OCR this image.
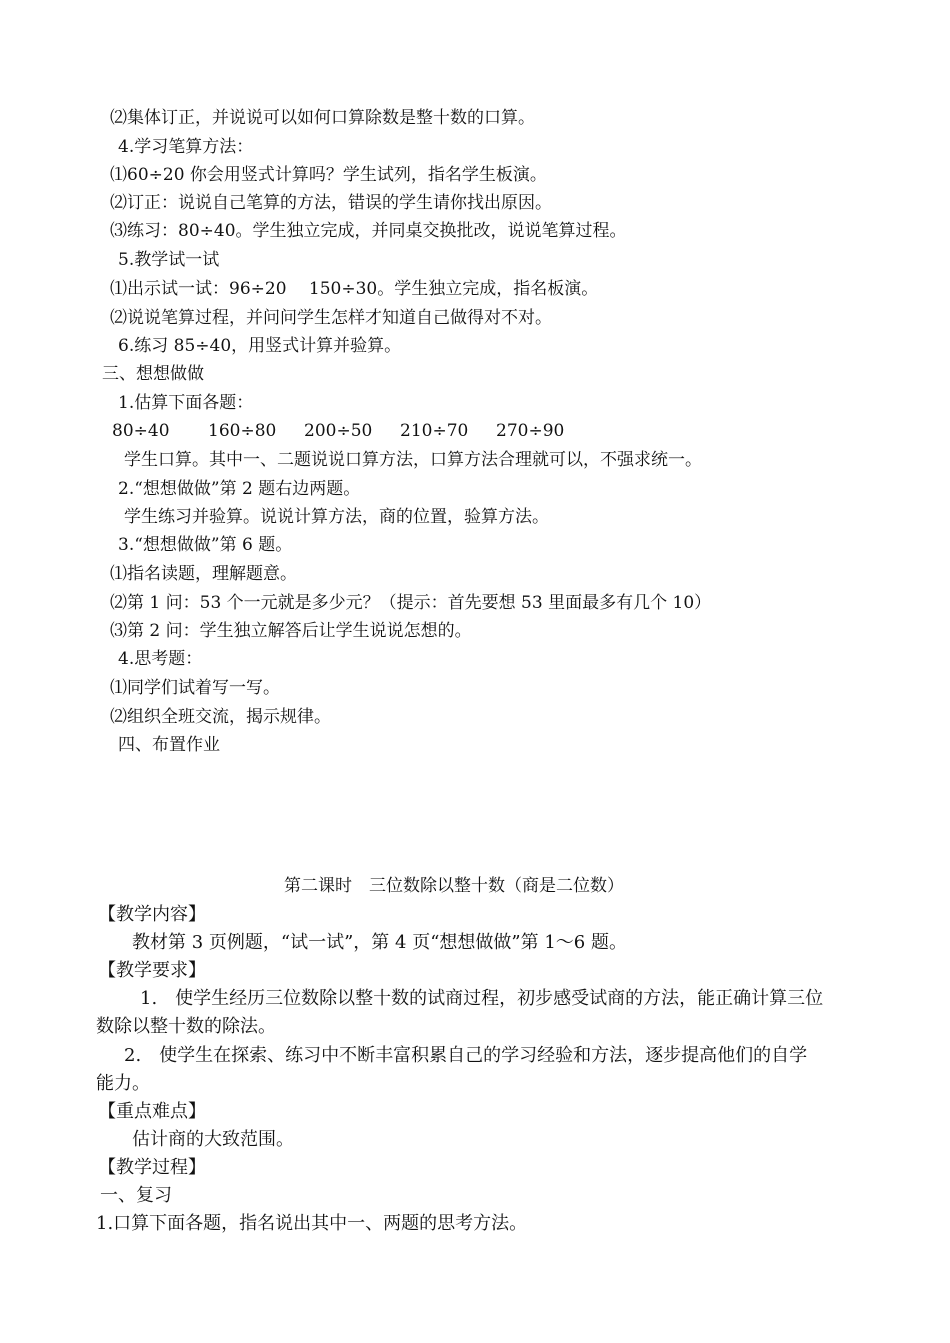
⑵集体订正，并说说可以如何口算除数是整十数的口算。
4.学习笔算方法：
⑴60÷20 你会用竖式计算吗？学生试列，指名学生板演。
⑵订正：说说自己笔算的方法，错误的学生请你找出原因。
⑶练习：80÷40。学生独立完成，并同桌交换批改，说说笔算过程。
5.教学试一试
⑴出示试一试：96÷20　 150÷30。学生独立完成，指名板演。
⑵说说笔算过程，并问问学生怎样才知道自己做得对不对。
6.练习 85÷40，用竖式计算并验算。
三、想想做做
1.估算下面各题：
80÷40 160÷80 200÷50 210÷70 270÷90
学生口算。其中一、二题说说口算方法，口算方法合理就可以，不强求统一。
2.“想想做做”第 2 题右边两题。
学生练习并验算。说说计算方法，商的位置，验算方法。
3.“想想做做”第 6 题。
⑴指名读题，理解题意。
⑵第 1 问：53 个一元就是多少元？（提示：首先要想 53 里面最多有几个 10）
⑶第 2 问：学生独立解答后让学生说说怎想的。
4.思考题：
⑴同学们试着写一写。
⑵组织全班交流，揭示规律。
四、布置作业
第二课时　三位数除以整十数（商是二位数）
【教学内容】
教材第 3 页例题，“试一试”，第 4 页“想想做做”第 1～6 题。
【教学要求】
1.　使学生经历三位数除以整十数的试商过程，初步感受试商的方法，能正确计算三位
数除以整十数的除法。
2.　使学生在探索、练习中不断丰富积累自己的学习经验和方法，逐步提高他们的自学
能力。
【重点难点】
估计商的大致范围。
【教学过程】
一、复习
1.口算下面各题，指名说出其中一、两题的思考方法。
